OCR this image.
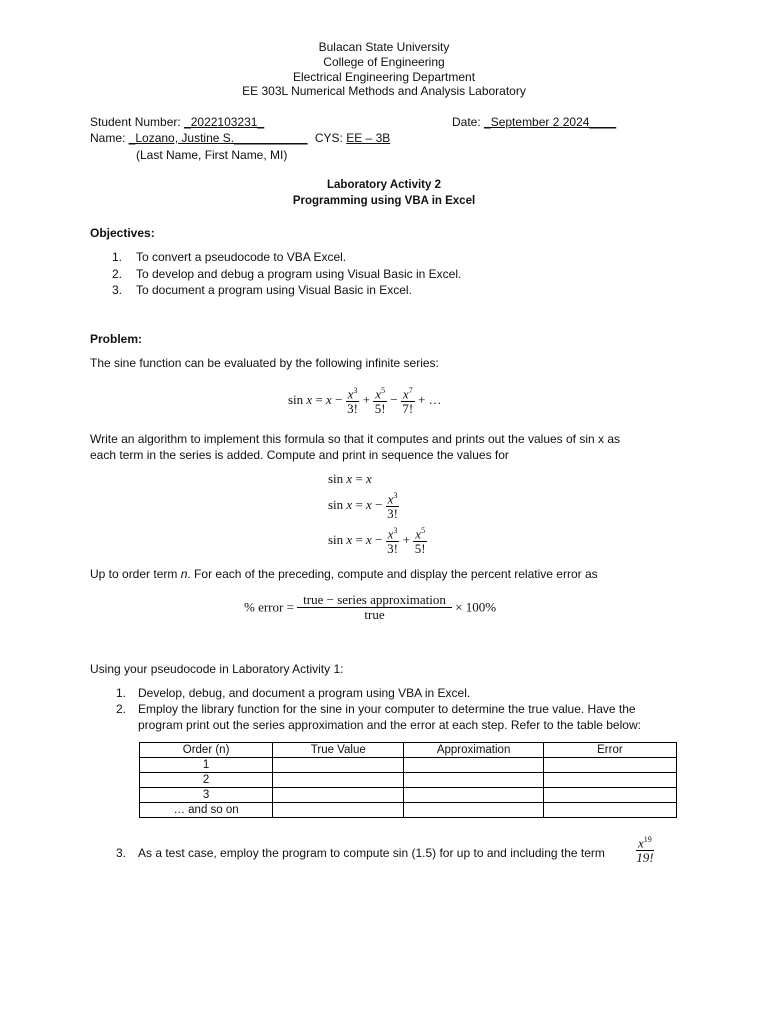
Bulacan State University
College of Engineering
Electrical Engineering Department
EE 303L Numerical Methods and Analysis Laboratory
Student Number: _2022103231_	Date: _September 2 2024____
Name: _Lozano, Justine S.___________ CYS: EE – 3B
(Last Name, First Name, MI)
Laboratory Activity 2
Programming using VBA in Excel
Objectives:
1. To convert a pseudocode to VBA Excel.
2. To develop and debug a program using Visual Basic in Excel.
3. To document a program using Visual Basic in Excel.
Problem:
The sine function can be evaluated by the following infinite series:
$\sin x = x - \frac{x^3}{3!} + \frac{x^5}{5!} - \frac{x^7}{7!}$ + …
Write an algorithm to implement this formula so that it computes and prints out the values of sin x as
each term in the series is added. Compute and print in sequence the values for
sin x = x
$\sin x = x - \frac{x^3}{3!}$
$\sin x = x - \frac{x^3}{3!} + \frac{x^5}{5!}$
Up to order term n. For each of the preceding, compute and display the percent relative error as
% error = $\frac{\text{true − series approximation}}{\text{true}} \times 100\%$
Using your pseudocode in Laboratory Activity 1:
1. Develop, debug, and document a program using VBA in Excel.
2. Employ the library function for the sine in your computer to determine the true value. Have the
program print out the series approximation and the error at each step. Refer to the table below:
Order (n)	True Value	Approximation	Error
1			
2			
3			
… and so on			
3. As a test case, employ the program to compute sin (1.5) for up to and including the term $\frac{x^{19}}{19!}$
